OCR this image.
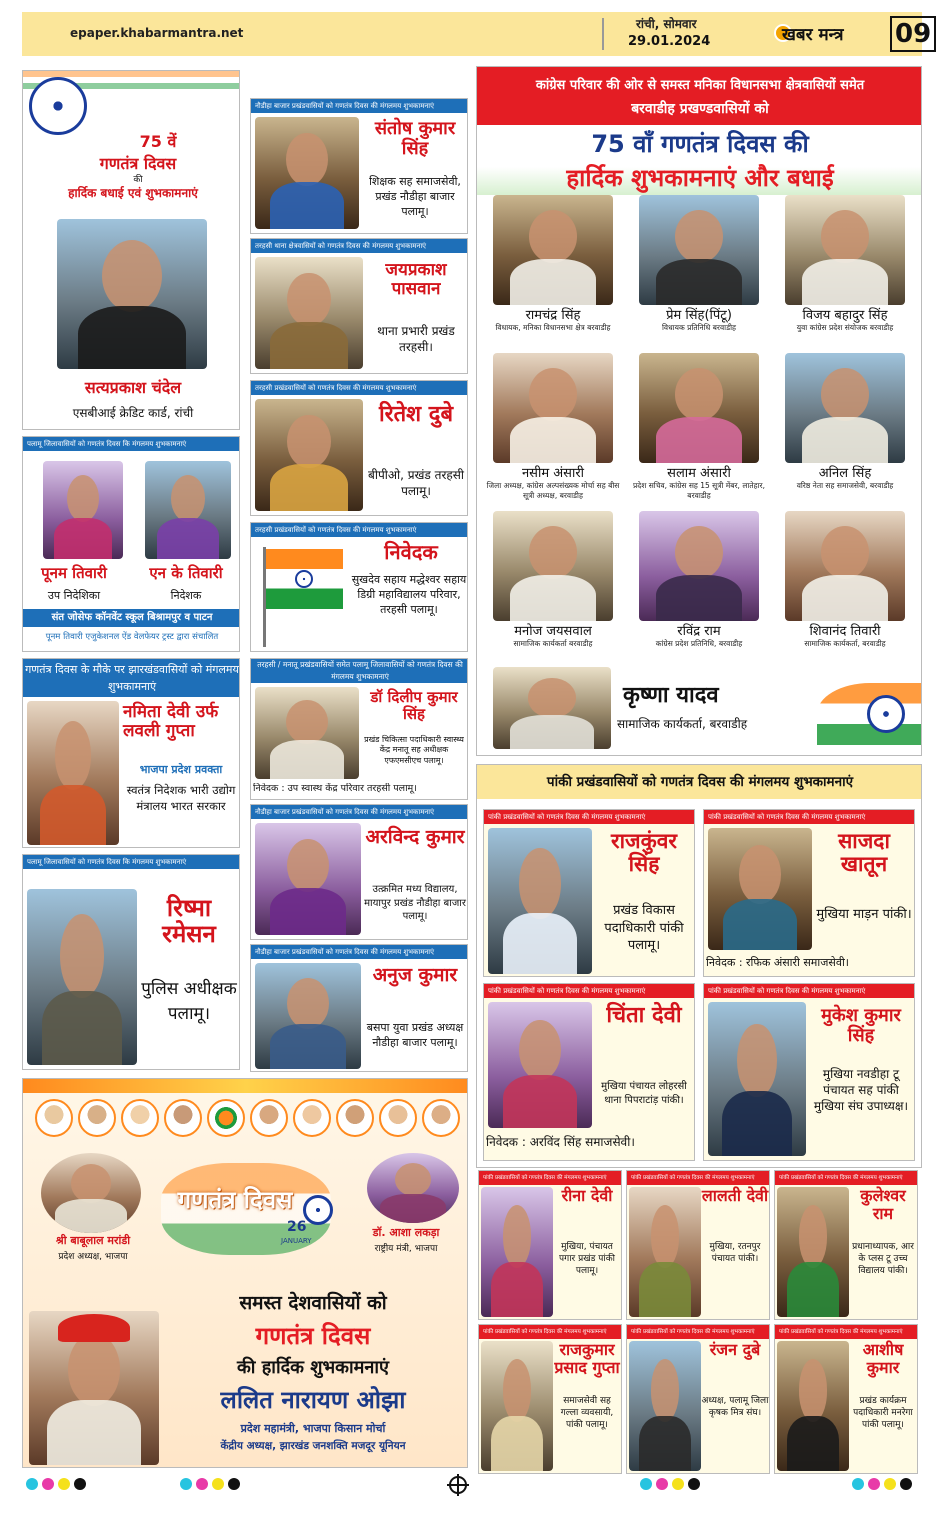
epaper.khabarmantra.net
रांची, सोमवार
29.01.2024	खबर मन्त्र 09
75 वें
गणतंत्र दिवस
की
हार्दिक बधाई एवं शुभकामनाएं
सत्यप्रकाश चंदेल
एसबीआई क्रेडिट कार्ड, रांची
पलामू जिलावासियों को गणतंत्र दिवस कि मंगलमय शुभकामनाएं
पूनम तिवारी	एन के तिवारी
उप निदेशिका	निदेशक
संत जोसेफ कॉनवेंट स्कूल बिश्रामपुर व पाटन
पूनम तिवारी एजुकेशनल ऐंड वेलफेयर ट्रस्ट द्वारा संचालित
गणतंत्र दिवस के मौके पर झारखंडवासियों को मंगलमय शुभकामनाएं
नमिता देवी उर्फ लवली गुप्ता
भाजपा प्रदेश प्रवक्ता
स्वतंत्र निदेशक भारी उद्योग मंत्रालय भारत सरकार
पलामू जिलावासियों को गणतंत्र दिवस कि मंगलमय शुभकामनाएं
रिष्मा रमेसन
पुलिस अधीक्षक पलामू।
नौडीहा बाजार प्रखंडवासियों को गणतंत्र दिवस की मंगलमय शुभकामनाएं
संतोष कुमार सिंह
शिक्षक सह समाजसेवी, प्रखंड नौडीहा बाजार पलामू।
तरहसी थाना क्षेत्रवासियों को गणतंत्र दिवस की मंगलमय शुभकामनाएं
जयप्रकाश पासवान
थाना प्रभारी प्रखंड तरहसी।
तरहसी प्रखंडवासियों को गणतंत्र दिवस की मंगलमय शुभकामनाएं
रितेश दुबे
बीपीओ, प्रखंड तरहसी पलामू।
तरहसी प्रखंडवासियों को गणतंत्र दिवस की मंगलमय शुभकामनाएं
निवेदक
सुखदेव सहाय मद्धेश्वर सहाय डिग्री महाविद्यालय परिवार, तरहसी पलामू।
तरहसी / मनातू प्रखंडवासियों समेत पलामू जिलावासियों को गणतंत्र दिवस की मंगलमय शुभकामनाएं
डॉ दिलीप कुमार सिंह
प्रखंड चिकित्सा पदाधिकारी स्वास्थ्य केंद्र मनातू सह अधीक्षक एफएमसीएच पलामू।
निवेदक : उप स्वास्थ केंद्र परिवार तरहसी पलामू।
नौडीहा बाजार प्रखंडवासियों को गणतंत्र दिवस की मंगलमय शुभकामनाएं
अरविन्द कुमार
उत्क्रमित मध्य विद्यालय, मायापुर प्रखंड नौडीहा बाजार पलामू।
नौडीहा बाजार प्रखंडवासियों को गणतंत्र दिवस की मंगलमय शुभकामनाएं
अनुज कुमार
बसपा युवा प्रखंड अध्यक्ष नौडीहा बाजार पलामू।
कांग्रेस परिवार की ओर से समस्त मनिका विधानसभा क्षेत्रवासियों समेत
बरवाडीह प्रखण्डवासियों को
75 वाँ गणतंत्र दिवस की
हार्दिक शुभकामनाएं और बधाई
रामचंद्र सिंह
विधायक, मनिका विधानसभा क्षेत्र बरवाडीह
प्रेम सिंह(पिंटू)
विधायक प्रतिनिधि बरवाडीह
विजय बहादुर सिंह
युवा कांग्रेस प्रदेश संयोजक बरवाडीह
नसीम अंसारी
जिला अध्यक्ष, कांग्रेस अल्पसंख्यक मोर्चा सह बीस सूत्री अध्यक्ष, बरवाडीह
सलाम अंसारी
प्रदेश सचिव, कांग्रेस सह 15 सूत्री मेंबर, लातेहार, बरवाडीह
अनिल सिंह
वरिष्ठ नेता सह समाजसेवी, बरवाडीह
मनोज जयसवाल
सामाजिक कार्यकर्ता बरवाडीह
रविंद्र राम
कांग्रेस प्रदेश प्रतिनिधि, बरवाडीह
शिवानंद तिवारी
सामाजिक कार्यकर्ता, बरवाडीह
कृष्णा यादव
सामाजिक कार्यकर्ता, बरवाडीह
पांकी प्रखंडवासियों को गणतंत्र दिवस की मंगलमय शुभकामनाएं
पांकी प्रखंडवासियों को गणतंत्र दिवस की मंगलमय शुभकामनाएं
राजकुंवर सिंह
प्रखंड विकास पदाधिकारी पांकी पलामू।
पांकी प्रखंडवासियों को गणतंत्र दिवस की मंगलमय शुभकामनाएं
साजदा खातून
मुखिया माड़न पांकी।
निवेदक : रफिक अंसारी समाजसेवी।
पांकी प्रखंडवासियों को गणतंत्र दिवस की मंगलमय शुभकामनाएं
चिंता देवी
मुखिया पंचायत लोहरसी थाना पिपराटांड़ पांकी।
निवेदक : अरविंद सिंह समाजसेवी।
पांकी प्रखंडवासियों को गणतंत्र दिवस की मंगलमय शुभकामनाएं
मुकेश कुमार सिंह
मुखिया नवडीहा टू पंचायत सह पांकी मुखिया संघ उपाध्यक्ष।
पांकी प्रखंडवासियों को गणतंत्र दिवस की मंगलमय शुभकामनाएं
रीना देवी
मुखिया, पंचायत पगार प्रखंड पांकी पलामू।
पांकी प्रखंडवासियों को गणतंत्र दिवस की मंगलमय शुभकामनाएं
लालती देवी
मुखिया, रतनपुर पंचायत पांकी।
पांकी प्रखंडवासियों को गणतंत्र दिवस की मंगलमय शुभकामनाएं
कुलेश्वर राम
प्रधानाध्यापक, आर के प्लस टू उच्च विद्यालय पांकी।
पांकी प्रखंडवासियों को गणतंत्र दिवस की मंगलमय शुभकामनाएं
राजकुमार प्रसाद गुप्ता
समाजसेवी सह गल्ला व्यवसायी, पांकी पलामू।
पांकी प्रखंडवासियों को गणतंत्र दिवस की मंगलमय शुभकामनाएं
रंजन दुबे
अध्यक्ष, पलामू जिला कृषक मित्र संघ।
पांकी प्रखंडवासियों को गणतंत्र दिवस की मंगलमय शुभकामनाएं
आशीष कुमार
प्रखंड कार्यक्रम पदाधिकारी मनरेगा पांकी पलामू।
श्री बाबूलाल मरांडी
प्रदेश अध्यक्ष, भाजपा
डॉ. आशा लकड़ा
राष्ट्रीय मंत्री, भाजपा
गणतंत्र दिवस
26
JANUARY
समस्त देशवासियों को
गणतंत्र दिवस
की हार्दिक शुभकामनाएं
ललित नारायण ओझा
प्रदेश महामंत्री, भाजपा किसान मोर्चा
केंद्रीय अध्यक्ष, झारखंड जनशक्ति मजदूर यूनियन
